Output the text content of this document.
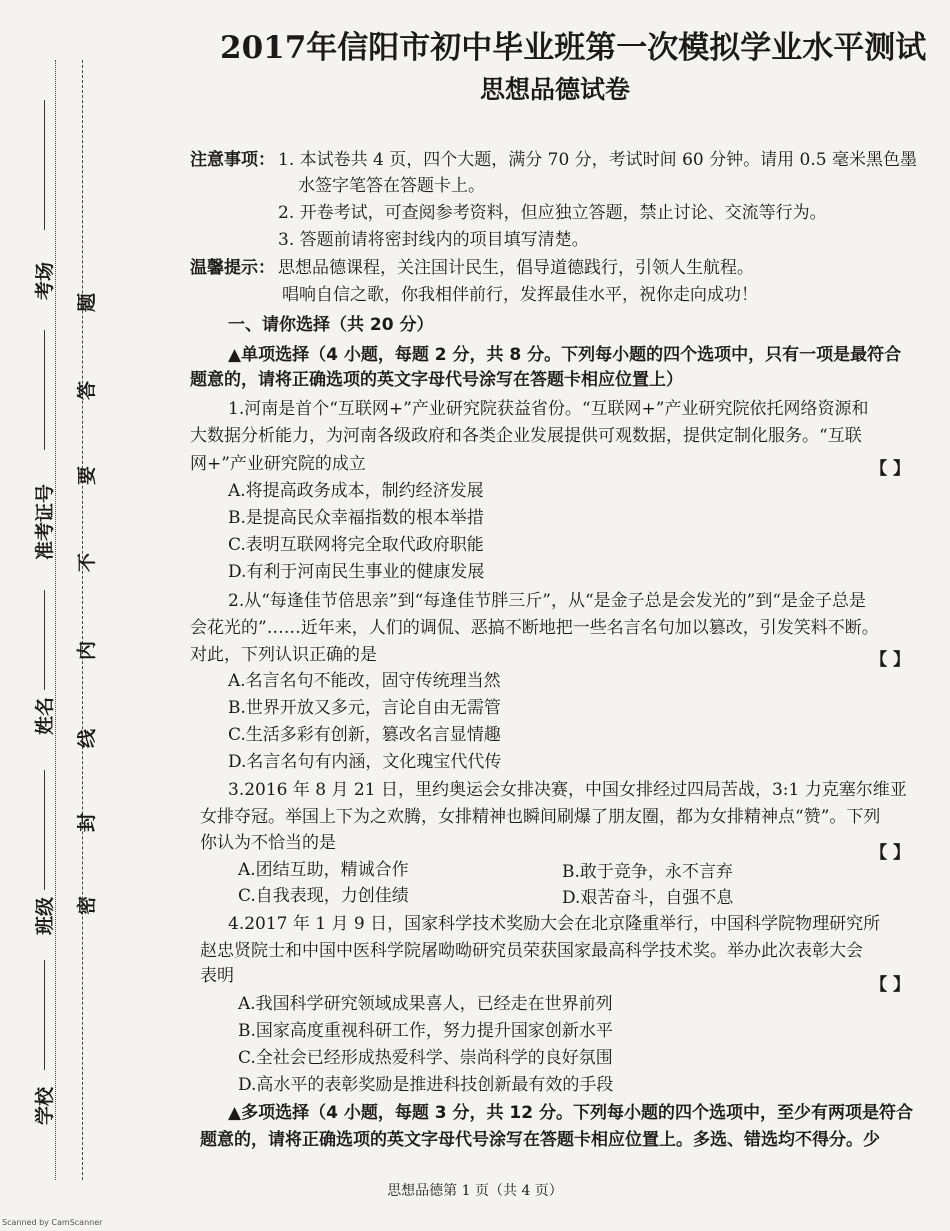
考场
准考证号
姓名
班级
学校
题
答
要
不
内
线
封
密
2017年信阳市初中毕业班第一次模拟学业水平测试
思想品德试卷
注意事项： 1. 本试卷共 4 页，四个大题，满分 70 分，考试时间 60 分钟。请用 0.5 毫米黑色墨
水签字笔答在答题卡上。
2. 开卷考试，可查阅参考资料，但应独立答题，禁止讨论、交流等行为。
3. 答题前请将密封线内的项目填写清楚。
温馨提示： 思想品德课程，关注国计民生，倡导道德践行，引领人生航程。
唱响自信之歌，你我相伴前行，发挥最佳水平，祝你走向成功！
一、请你选择（共 20 分）
▲单项选择（4 小题，每题 2 分，共 8 分。下列每小题的四个选项中，只有一项是最符合
题意的，请将正确选项的英文字母代号涂写在答题卡相应位置上）
1.河南是首个“互联网+”产业研究院获益省份。“互联网+”产业研究院依托网络资源和
大数据分析能力，为河南各级政府和各类企业发展提供可观数据，提供定制化服务。“互联
网+”产业研究院的成立	【 】
A.将提高政务成本，制约经济发展
B.是提高民众幸福指数的根本举措
C.表明互联网将完全取代政府职能
D.有利于河南民生事业的健康发展
2.从“每逢佳节倍思亲”到“每逢佳节胖三斤”，从“是金子总是会发光的”到“是金子总是
会花光的”……近年来，人们的调侃、恶搞不断地把一些名言名句加以篡改，引发笑料不断。
对此，下列认识正确的是	【 】
A.名言名句不能改，固守传统理当然
B.世界开放又多元，言论自由无需管
C.生活多彩有创新，篡改名言显情趣
D.名言名句有内涵，文化瑰宝代代传
3.2016 年 8 月 21 日，里约奥运会女排决赛，中国女排经过四局苦战，3:1 力克塞尔维亚
女排夺冠。举国上下为之欢腾，女排精神也瞬间刷爆了朋友圈，都为女排精神点“赞”。下列
你认为不恰当的是	【 】
A.团结互助，精诚合作	B.敢于竞争，永不言弃
C.自我表现，力创佳绩	D.艰苦奋斗，自强不息
4.2017 年 1 月 9 日，国家科学技术奖励大会在北京隆重举行，中国科学院物理研究所
赵忠贤院士和中国中医科学院屠呦呦研究员荣获国家最高科学技术奖。举办此次表彰大会
表明	【 】
A.我国科学研究领域成果喜人，已经走在世界前列
B.国家高度重视科研工作，努力提升国家创新水平
C.全社会已经形成热爱科学、崇尚科学的良好氛围
D.高水平的表彰奖励是推进科技创新最有效的手段
▲多项选择（4 小题，每题 3 分，共 12 分。下列每小题的四个选项中，至少有两项是符合
题意的，请将正确选项的英文字母代号涂写在答题卡相应位置上。多选、错选均不得分。少
思想品德第 1 页（共 4 页）
Scanned by CamScanner
